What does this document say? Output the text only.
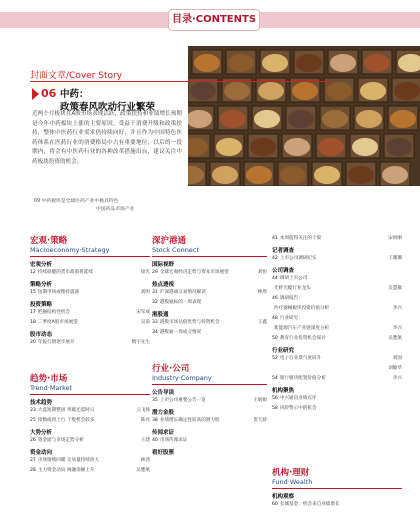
目录·CONTENTS
封面文章/Cover Story
06 中药：
政策春风吹动行业繁荣
近两个月板块在A股市场表现活跃，政策扶持和业绩增长预期是今年中药板块上涨的主要原因。受益于消费升级和政策扶持，整体中医药行业需求仍持续向好，并且作为中国特色医药体系在医药行业的消费格局中占有重要地位，以后的一段期内，将会有中医药行业的各种改革措施出台，建议关注中药板块投资的机会。
09 中药板块是全球医药产业中极具特色
中国药品市场产业
宏观·策略
Macroeconomy·Strategy
宏观分析
12 持续稳健的货币政策将延续	徐光
策略分析
15 短期市场或维持震荡	高明
投资策略
17 把握结构性机会	宋军成
18 二季度A股市场展望	吴前
股市动态
20 年报行情逐步展开	数字先生
趋势·市场
Trend·Market
技术趋势
23 大盘短期整固 突破还需时日	云飞扬
25 指数或将上行 个股机会较多	陈亮
大势分析
26 资金面与市场走势分析	王建
资金动向
27 市场情绪回暖 交易量持续放大	林茜
28 主力资金动向 两融余额上升	吴楚航
深沪港通
Stock Connect
国际视野
29 全球宏观经济走势与资本市场展望	刘恒
热点透视
31 沪深港通交易情况解读	林然
32 港股通标的一周表现
港股通
33 港股市场估值优势与投资机会	王鑫
34 港股通一周成交情况
行业·公司
Industry·Company
公告导读
35 上市公司重要公告一览	王娟娟
潜力金股
38 业绩增长确定性较高的潜力股	贺天骄
传闻求证
40 市场传闻求证
看好股票
41 本周值得关注的个股	宋祖刚
记者调查
42 上市公司调研纪实	王珊珊
公司调查
44 调研上市公司
光纤光缆行业龙头	吴慧敏
46 调研报告：
医疗器械板块投资价值分析	李兴
48 行业研究：
新能源汽车产业链深度分析	李兴
50 教育行业投资机会探讨	吴楚航
行业研究
52 电子行业景气度回升	刘国
刘敏华
54 银行板块配置价值分析	李兴
机构聚焦
56 中兴通讯业绩点评
58 风险警示中的机会
机构·理财
Fund·Wealth
机构观察
60 长城基金：机会来自业绩增长
